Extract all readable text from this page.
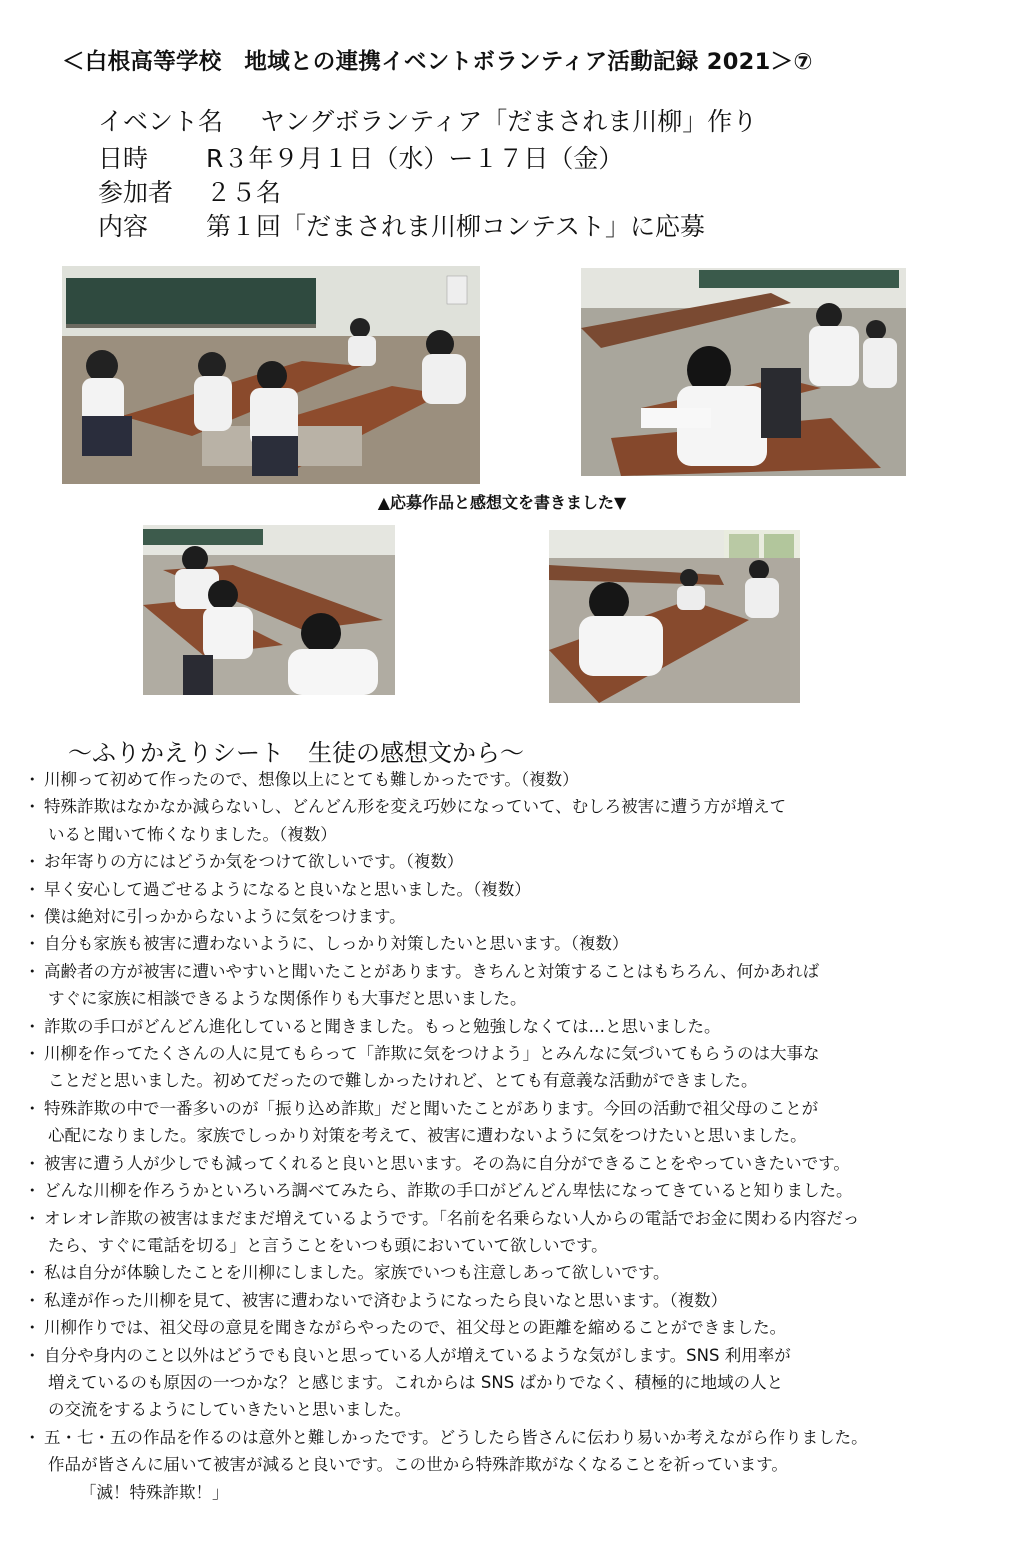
＜白根高等学校　地域との連携イベントボランティア活動記録 2021＞⑦
イベント名 ヤングボランティア「だまされま川柳」作り
日時 R３年９月１日（水）ー１７日（金）
参加者 ２５名
内容 第１回「だまされま川柳コンテスト」に応募
▲応募作品と感想文を書きました▼
～ふりかえりシート　生徒の感想文から～
・ 川柳って初めて作ったので、想像以上にとても難しかったです。（複数）
・ 特殊詐欺はなかなか減らないし、どんどん形を変え巧妙になっていて、むしろ被害に遭う方が増えて
いると聞いて怖くなりました。（複数）
・ お年寄りの方にはどうか気をつけて欲しいです。（複数）
・ 早く安心して過ごせるようになると良いなと思いました。（複数）
・ 僕は絶対に引っかからないように気をつけます。
・ 自分も家族も被害に遭わないように、しっかり対策したいと思います。（複数）
・ 高齢者の方が被害に遭いやすいと聞いたことがあります。きちんと対策することはもちろん、何かあれば
すぐに家族に相談できるような関係作りも大事だと思いました。
・ 詐欺の手口がどんどん進化していると聞きました。もっと勉強しなくては…と思いました。
・ 川柳を作ってたくさんの人に見てもらって「詐欺に気をつけよう」とみんなに気づいてもらうのは大事な
ことだと思いました。初めてだったので難しかったけれど、とても有意義な活動ができました。
・ 特殊詐欺の中で一番多いのが「振り込め詐欺」だと聞いたことがあります。今回の活動で祖父母のことが
心配になりました。家族でしっかり対策を考えて、被害に遭わないように気をつけたいと思いました。
・ 被害に遭う人が少しでも減ってくれると良いと思います。その為に自分ができることをやっていきたいです。
・ どんな川柳を作ろうかといろいろ調べてみたら、詐欺の手口がどんどん卑怯になってきていると知りました。
・ オレオレ詐欺の被害はまだまだ増えているようです。「名前を名乗らない人からの電話でお金に関わる内容だっ
たら、すぐに電話を切る」と言うことをいつも頭においていて欲しいです。
・ 私は自分が体験したことを川柳にしました。家族でいつも注意しあって欲しいです。
・ 私達が作った川柳を見て、被害に遭わないで済むようになったら良いなと思います。（複数）
・ 川柳作りでは、祖父母の意見を聞きながらやったので、祖父母との距離を縮めることができました。
・ 自分や身内のこと以外はどうでも良いと思っている人が増えているような気がします。SNS 利用率が
増えているのも原因の一つかな？と感じます。これからは SNS ばかりでなく、積極的に地域の人と
の交流をするようにしていきたいと思いました。
・ 五・七・五の作品を作るのは意外と難しかったです。どうしたら皆さんに伝わり易いか考えながら作りました。
作品が皆さんに届いて被害が減ると良いです。この世から特殊詐欺がなくなることを祈っています。
「滅！特殊詐欺！」
